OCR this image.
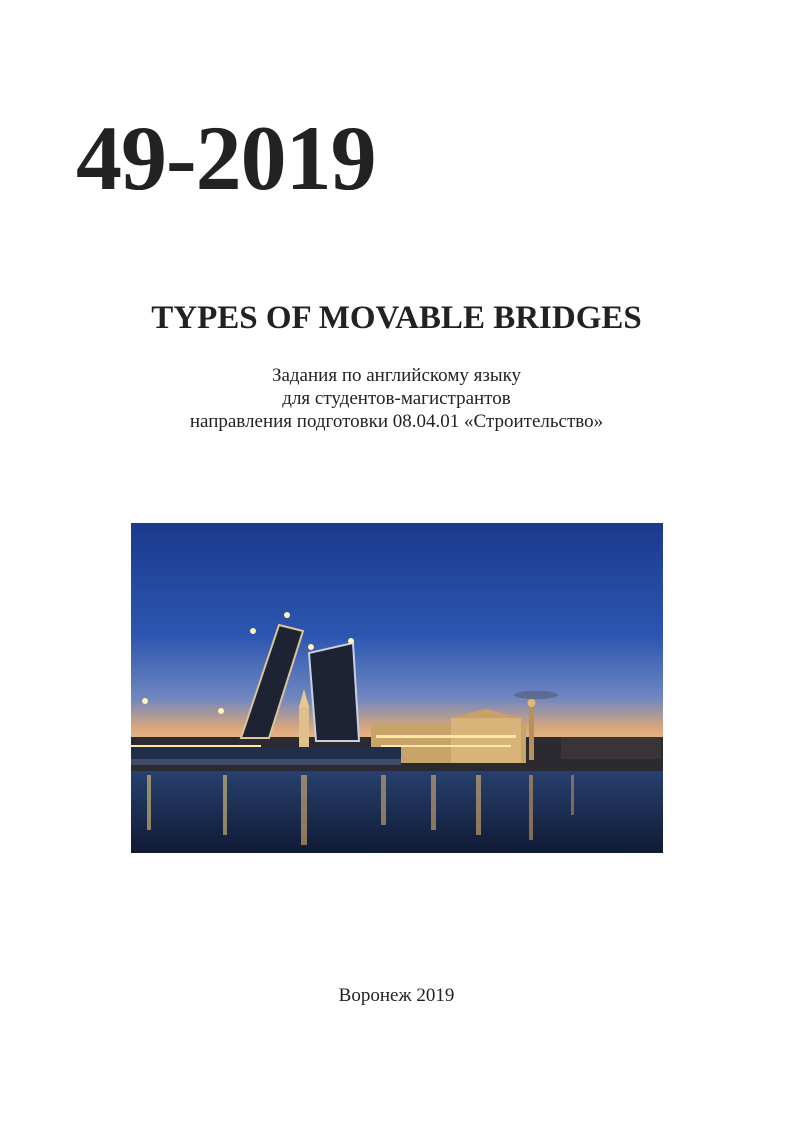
49-2019
TYPES OF MOVABLE BRIDGES
Задания по английскому языку
для студентов-магистрантов
направления подготовки 08.04.01 «Строительство»
Воронеж 2019
